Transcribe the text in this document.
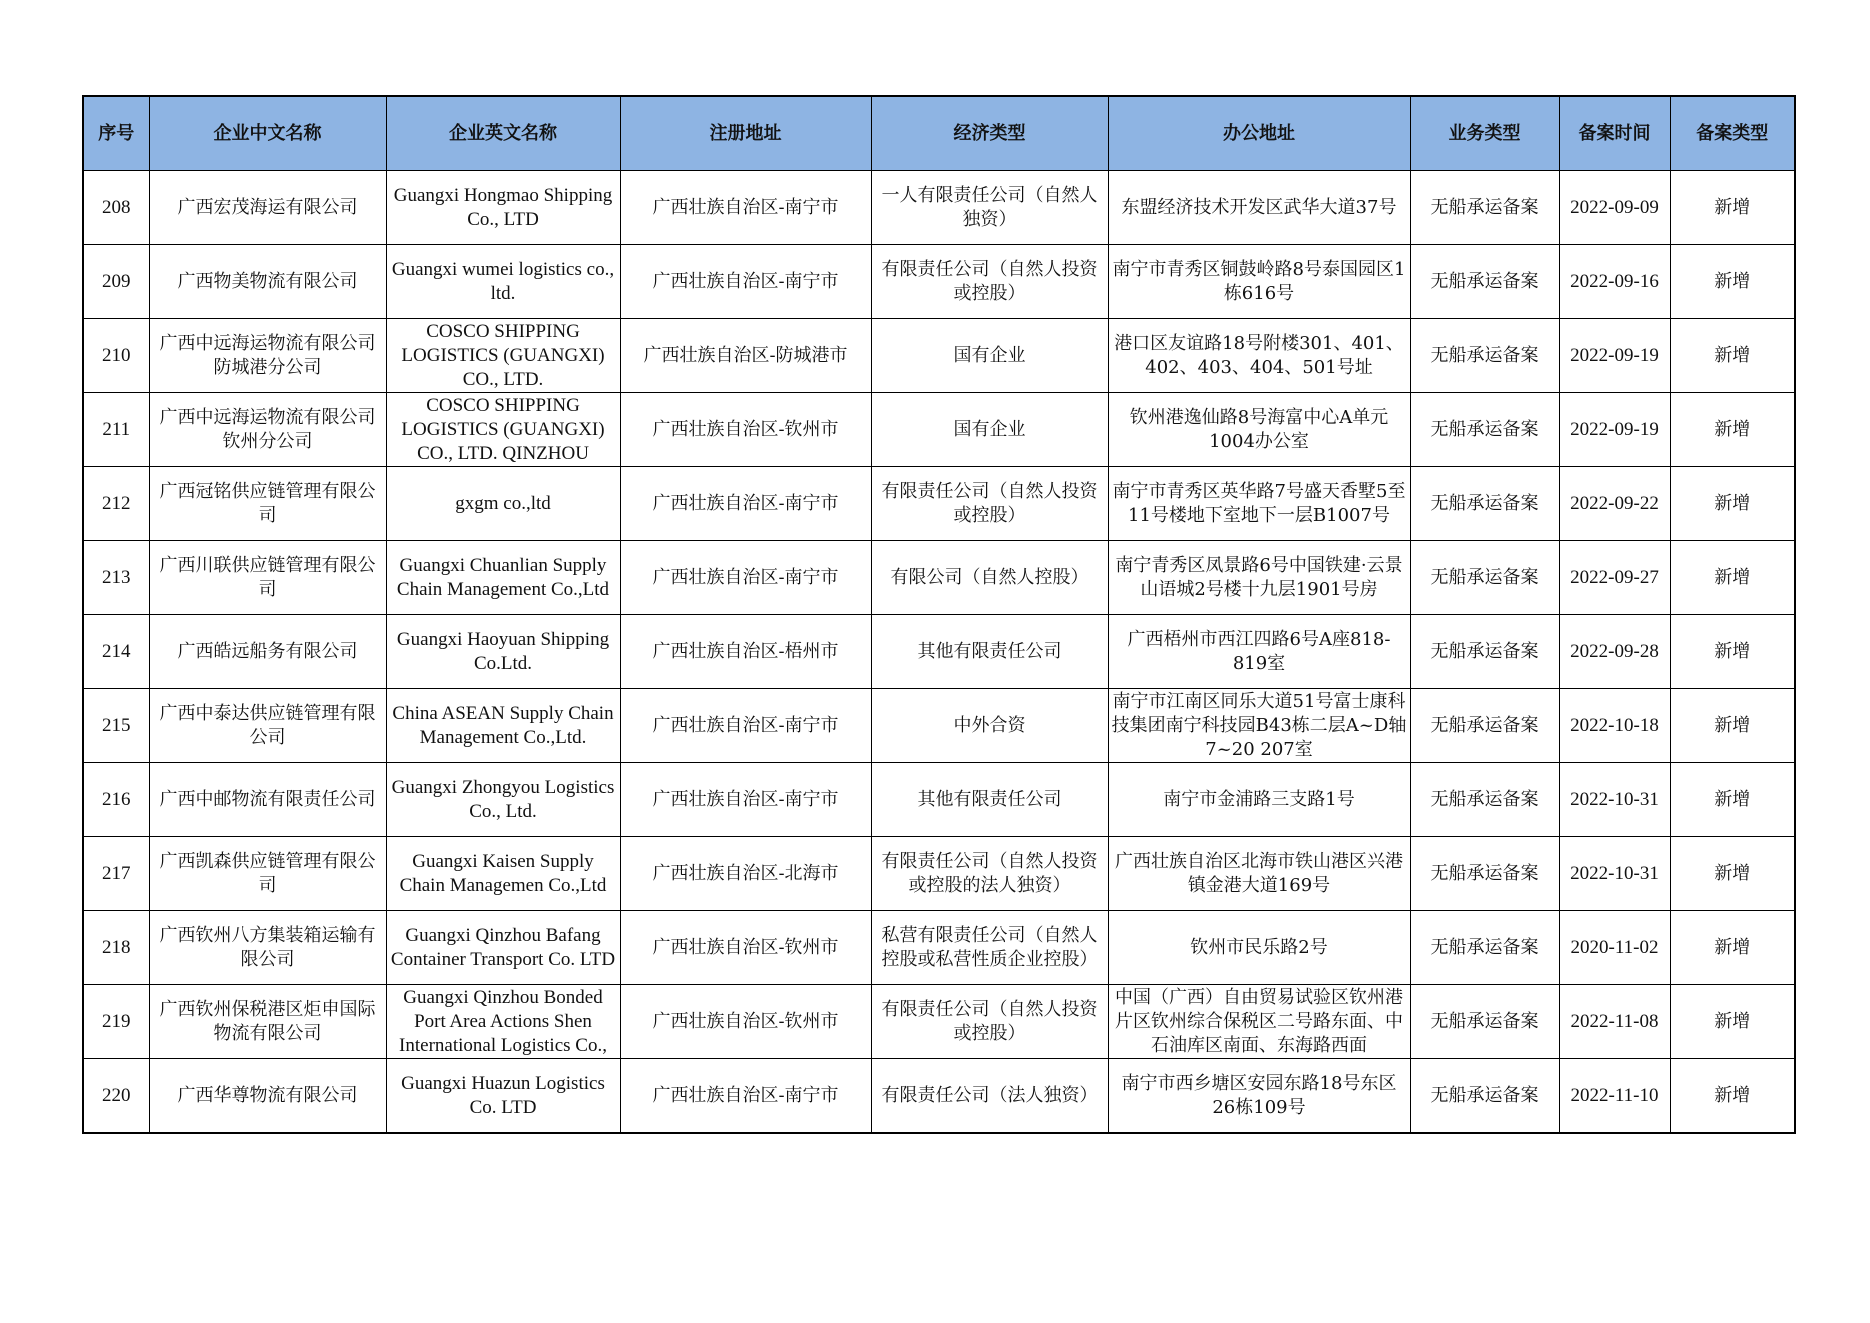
序号	企业中文名称	企业英文名称	注册地址	经济类型	办公地址	业务类型	备案时间	备案类型
208	广西宏茂海运有限公司	Guangxi Hongmao Shipping Co., LTD	广西壮族自治区-南宁市	一人有限责任公司（自然人独资）	东盟经济技术开发区武华大道37号	无船承运备案	2022-09-09	新增
209	广西物美物流有限公司	Guangxi wumei logistics co., ltd.	广西壮族自治区-南宁市	有限责任公司（自然人投资或控股）	南宁市青秀区铜鼓岭路8号泰国园区1栋616号	无船承运备案	2022-09-16	新增
210	广西中远海运物流有限公司防城港分公司	COSCO SHIPPING LOGISTICS (GUANGXI) CO., LTD.	广西壮族自治区-防城港市	国有企业	港口区友谊路18号附楼301、401、402、403、404、501号址	无船承运备案	2022-09-19	新增
211	广西中远海运物流有限公司钦州分公司	COSCO SHIPPING LOGISTICS (GUANGXI) CO., LTD. QINZHOU	广西壮族自治区-钦州市	国有企业	钦州港逸仙路8号海富中心A单元1004办公室	无船承运备案	2022-09-19	新增
212	广西冠铭供应链管理有限公司	gxgm co.,ltd	广西壮族自治区-南宁市	有限责任公司（自然人投资或控股）	南宁市青秀区英华路7号盛天香墅5至11号楼地下室地下一层B1007号	无船承运备案	2022-09-22	新增
213	广西川联供应链管理有限公司	Guangxi Chuanlian Supply Chain Management Co.,Ltd	广西壮族自治区-南宁市	有限公司（自然人控股）	南宁青秀区凤景路6号中国铁建·云景山语城2号楼十九层1901号房	无船承运备案	2022-09-27	新增
214	广西皓远船务有限公司	Guangxi Haoyuan Shipping Co.Ltd.	广西壮族自治区-梧州市	其他有限责任公司	广西梧州市西江四路6号A座818-819室	无船承运备案	2022-09-28	新增
215	广西中泰达供应链管理有限公司	China ASEAN Supply Chain Management Co.,Ltd.	广西壮族自治区-南宁市	中外合资	南宁市江南区同乐大道51号富士康科技集团南宁科技园B43栋二层A~D轴7~20 207室	无船承运备案	2022-10-18	新增
216	广西中邮物流有限责任公司	Guangxi Zhongyou Logistics Co., Ltd.	广西壮族自治区-南宁市	其他有限责任公司	南宁市金浦路三支路1号	无船承运备案	2022-10-31	新增
217	广西凯森供应链管理有限公司	Guangxi Kaisen Supply Chain Managemen Co.,Ltd	广西壮族自治区-北海市	有限责任公司（自然人投资或控股的法人独资）	广西壮族自治区北海市铁山港区兴港镇金港大道169号	无船承运备案	2022-10-31	新增
218	广西钦州八方集装箱运输有限公司	Guangxi Qinzhou Bafang Container Transport Co. LTD	广西壮族自治区-钦州市	私营有限责任公司（自然人控股或私营性质企业控股）	钦州市民乐路2号	无船承运备案	2020-11-02	新增
219	广西钦州保税港区炬申国际物流有限公司	Guangxi Qinzhou Bonded Port Area Actions Shen International Logistics Co.,	广西壮族自治区-钦州市	有限责任公司（自然人投资或控股）	中国（广西）自由贸易试验区钦州港片区钦州综合保税区二号路东面、中石油库区南面、东海路西面	无船承运备案	2022-11-08	新增
220	广西华尊物流有限公司	Guangxi Huazun Logistics Co. LTD	广西壮族自治区-南宁市	有限责任公司（法人独资）	南宁市西乡塘区安园东路18号东区26栋109号	无船承运备案	2022-11-10	新增
